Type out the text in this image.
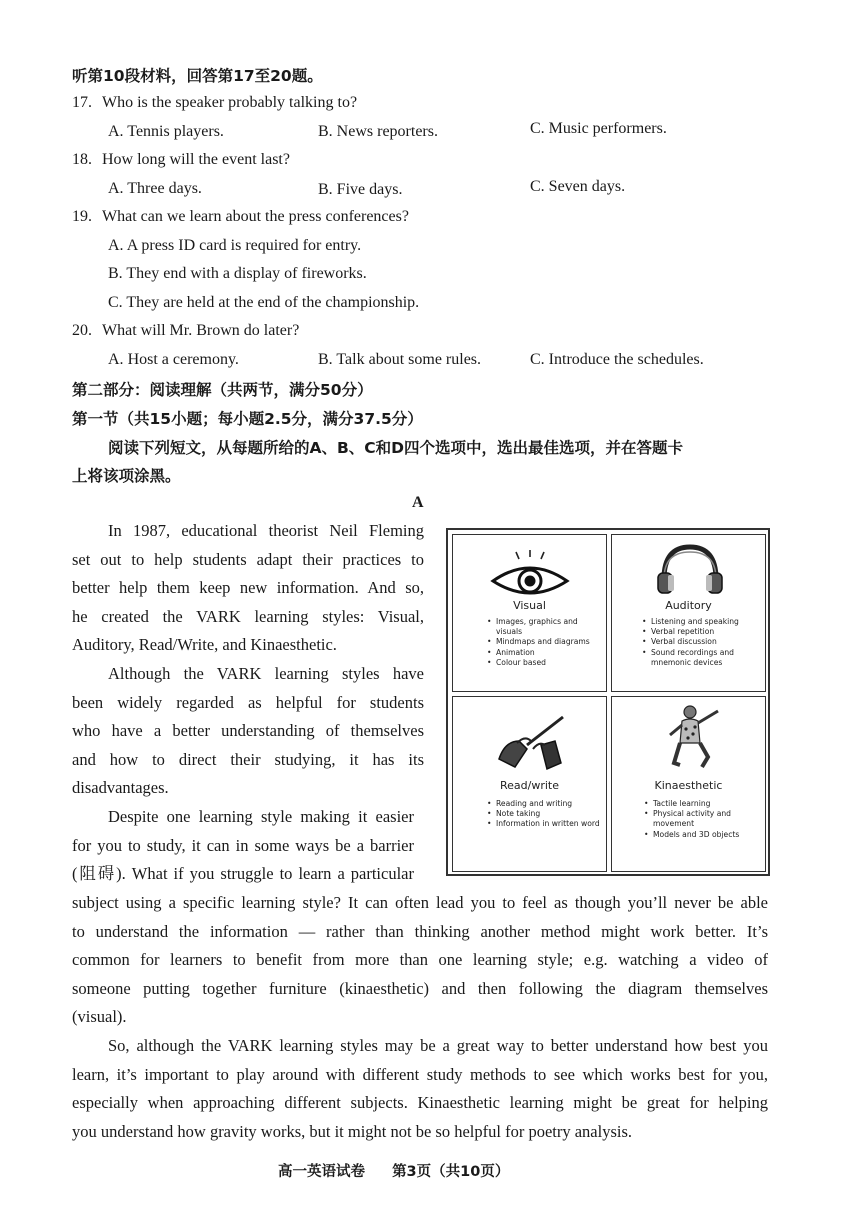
听第10段材料，回答第17至20题。
17. Who is the speaker probably talking to?
A. Tennis players.	B. News reporters.	C. Music performers.
18. How long will the event last?
A. Three days.	B. Five days.	C. Seven days.
19. What can we learn about the press conferences?
A. A press ID card is required for entry.
B. They end with a display of fireworks.
C. They are held at the end of the championship.
20. What will Mr. Brown do later?
A. Host a ceremony.	B. Talk about some rules.	C. Introduce the schedules.
第二部分：阅读理解（共两节，满分50分）
第一节（共15小题；每小题2.5分，满分37.5分）
阅读下列短文，从每题所给的A、B、C和D四个选项中，选出最佳选项，并在答题卡
上将该项涂黑。
A
In 1987, educational theorist Neil Fleming
set out to help students adapt their practices to
better help them keep new information. And so,
he created the VARK learning styles: Visual,
Auditory, Read/Write, and Kinaesthetic.
Although the VARK learning styles have
been widely regarded as helpful for students
who have a better understanding of themselves
and how to direct their studying, it has its
disadvantages.
Despite one learning style making it easier
for you to study, it can in some ways be a barrier
(阻碍). What if you struggle to learn a particular
subject using a specific learning style? It can often lead you to feel as though you’ll never be able
to understand the information — rather than thinking another method might work better. It’s
common for learners to benefit from more than one learning style; e.g. watching a video of
someone putting together furniture (kinaesthetic) and then following the diagram themselves
(visual).
So, although the VARK learning styles may be a great way to better understand how best you
learn, it’s important to play around with different study methods to see which works best for you,
especially when approaching different subjects. Kinaesthetic learning might be great for helping
you understand how gravity works, but it might not be so helpful for poetry analysis.
Visual
• Images, graphics and visuals
• Mindmaps and diagrams
• Animation
• Colour based
Auditory
• Listening and speaking
• Verbal repetition
• Verbal discussion
• Sound recordings and mnemonic devices
Read/write
• Reading and writing
• Note taking
• Information in written word
Kinaesthetic
• Tactile learning
• Physical activity and movement
• Models and 3D objects
高一英语试卷 第3页（共10页）
